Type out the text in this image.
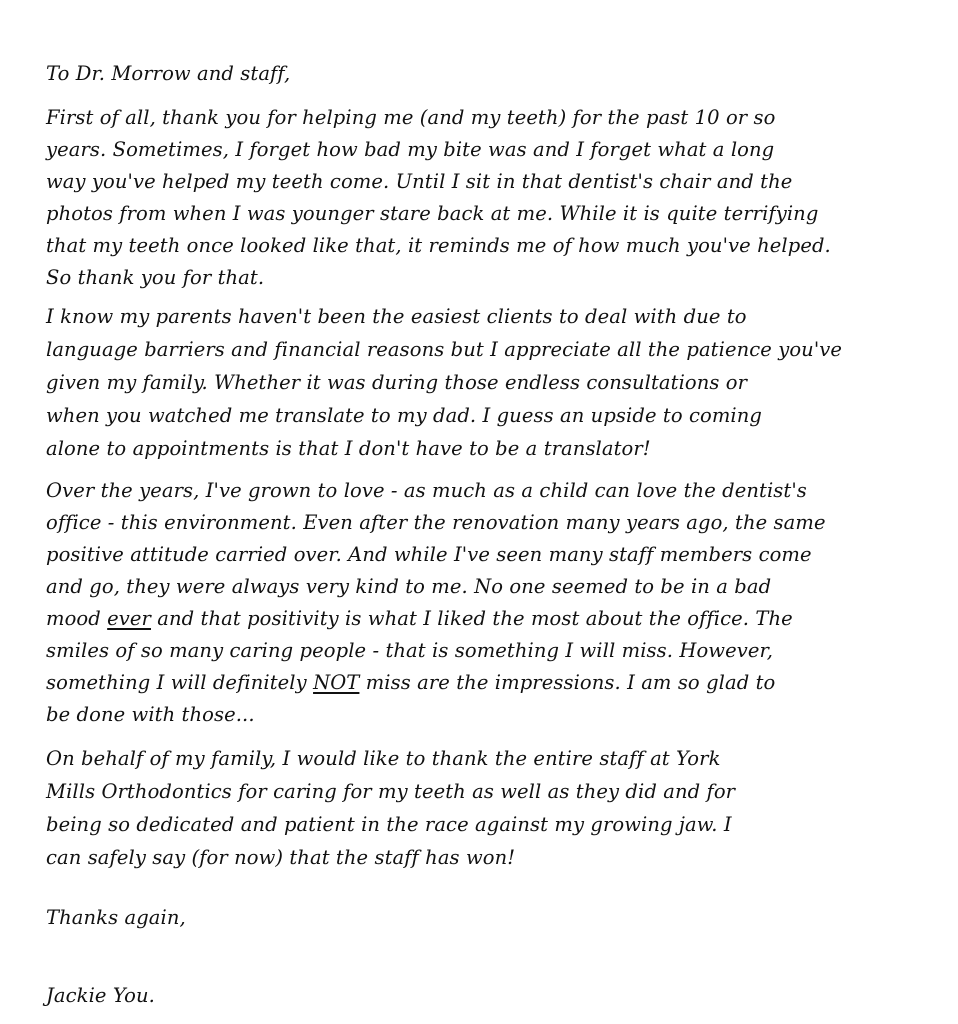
To Dr. Morrow and staff,
First of all, thank you for helping me (and my teeth) for the past 10 or so
years. Sometimes, I forget how bad my bite was and I forget what a long
way you've helped my teeth come. Until I sit in that dentist's chair and the
photos from when I was younger stare back at me. While it is quite terrifying
that my teeth once looked like that, it reminds me of how much you've helped.
So thank you for that.
I know my parents haven't been the easiest clients to deal with due to
language barriers and financial reasons but I appreciate all the patience you've
given my family. Whether it was during those endless consultations or
when you watched me translate to my dad. I guess an upside to coming
alone to appointments is that I don't have to be a translator!
Over the years, I've grown to love - as much as a child can love the dentist's
office - this environment. Even after the renovation many years ago, the same
positive attitude carried over. And while I've seen many staff members come
and go, they were always very kind to me. No one seemed to be in a bad
mood ever and that positivity is what I liked the most about the office. The
smiles of so many caring people - that is something I will miss. However,
something I will definitely NOT miss are the impressions. I am so glad to
be done with those...
On behalf of my family, I would like to thank the entire staff at York
Mills Orthodontics for caring for my teeth as well as they did and for
being so dedicated and patient in the race against my growing jaw. I
can safely say (for now) that the staff has won!
Thanks again,
Jackie You.
